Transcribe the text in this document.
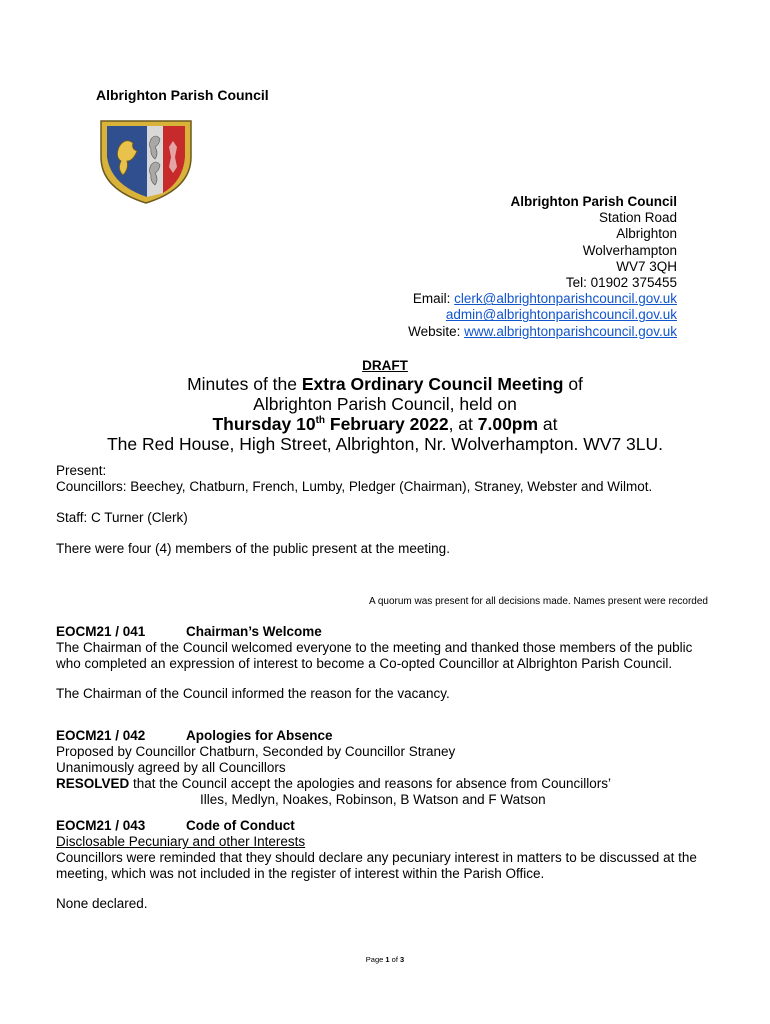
Albrighton Parish Council
Albrighton Parish Council
Station Road
Albrighton
Wolverhampton
WV7 3QH
Tel: 01902 375455
Email: clerk@albrightonparishcouncil.gov.uk
admin@albrightonparishcouncil.gov.uk
Website: www.albrightonparishcouncil.gov.uk
DRAFT
Minutes of the Extra Ordinary Council Meeting of
Albrighton Parish Council, held on
Thursday 10th February 2022, at 7.00pm at
The Red House, High Street, Albrighton, Nr. Wolverhampton. WV7 3LU.
Present:
Councillors: Beechey, Chatburn, French, Lumby, Pledger (Chairman), Straney, Webster and Wilmot.
Staff: C Turner (Clerk)
There were four (4) members of the public present at the meeting.
A quorum was present for all decisions made. Names present were recorded
EOCM21 / 041	Chairman’s Welcome
The Chairman of the Council welcomed everyone to the meeting and thanked those members of the public who completed an expression of interest to become a Co-opted Councillor at Albrighton Parish Council.
The Chairman of the Council informed the reason for the vacancy.
EOCM21 / 042	Apologies for Absence
Proposed by Councillor Chatburn, Seconded by Councillor Straney
Unanimously agreed by all Councillors
RESOLVED that the Council accept the apologies and reasons for absence from Councillors’
Illes, Medlyn, Noakes, Robinson, B Watson and F Watson
EOCM21 / 043	Code of Conduct
Disclosable Pecuniary and other Interests
Councillors were reminded that they should declare any pecuniary interest in matters to be discussed at the meeting, which was not included in the register of interest within the Parish Office.
None declared.
Page 1 of 3
